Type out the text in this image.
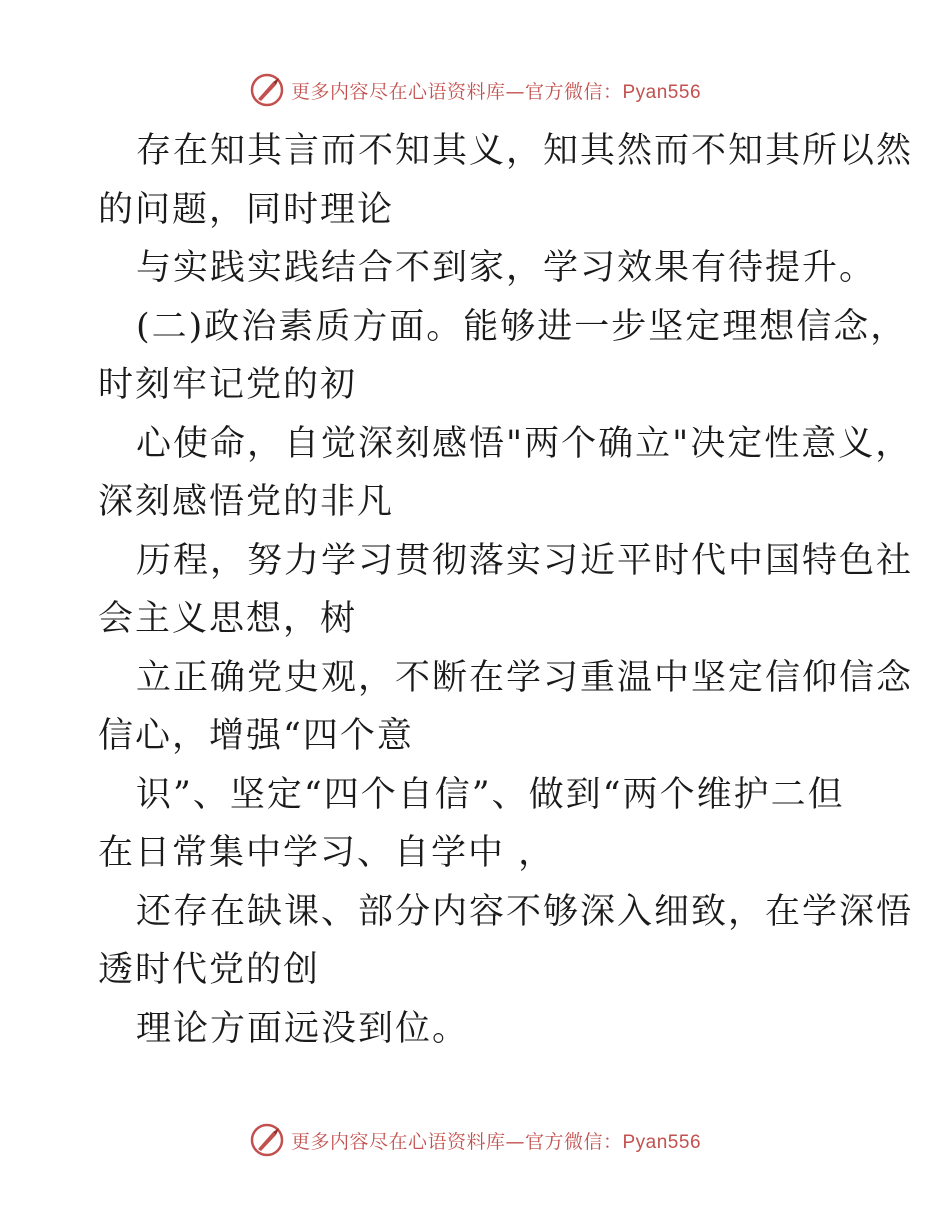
更多内容尽在心语资料库—官方微信：Pyan556
存在知其言而不知其义，知其然而不知其所以然
的问题，同时理论
与实践实践结合不到家，学习效果有待提升。
(二)政治素质方面。能够进一步坚定理想信念，
时刻牢记党的初
心使命，自觉深刻感悟"两个确立"决定性意义，
深刻感悟党的非凡
历程，努力学习贯彻落实习近平时代中国特色社
会主义思想，树
立正确党史观，不断在学习重温中坚定信仰信念
信心，增强“四个意
识”、坚定“四个自信”、做到“两个维护二但
在日常集中学习、自学中 ，
还存在缺课、部分内容不够深入细致，在学深悟
透时代党的创
理论方面远没到位。
更多内容尽在心语资料库—官方微信：Pyan556
